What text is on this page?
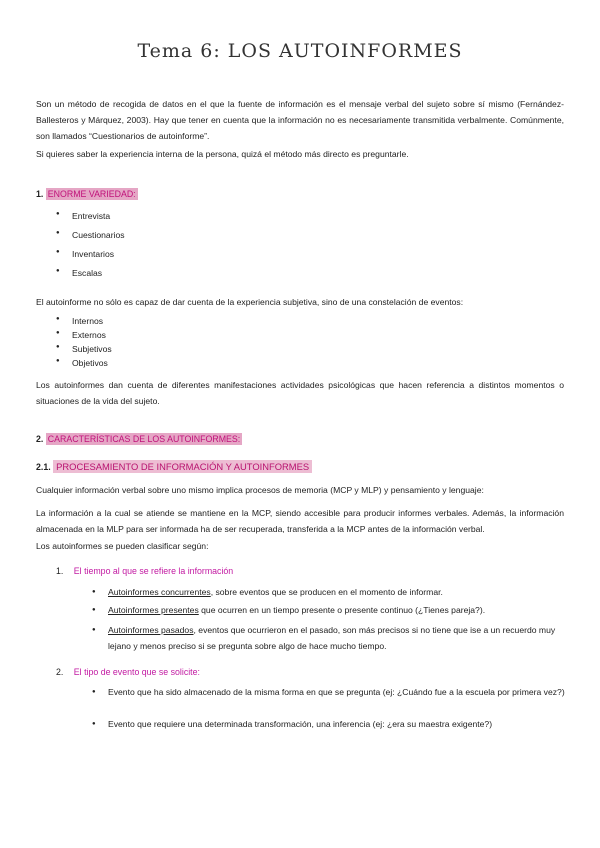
Tema 6: LOS AUTOINFORMES
Son un método de recogida de datos en el que la fuente de información es el mensaje verbal del sujeto sobre sí mismo (Fernández-Ballesteros y Márquez, 2003). Hay que tener en cuenta que la información no es necesariamente transmitida verbalmente. Comúnmente, son llamados “Cuestionarios de autoinforme”.
Si quieres saber la experiencia interna de la persona, quizá el método más directo es preguntarle.
1. ENORME VARIEDAD:
● Entrevista
● Cuestionarios
● Inventarios
● Escalas
El autoinforme no sólo es capaz de dar cuenta de la experiencia subjetiva, sino de una constelación de eventos:
● Internos
● Externos
● Subjetivos
● Objetivos
Los autoinformes dan cuenta de diferentes manifestaciones actividades psicológicas que hacen referencia a distintos momentos o situaciones de la vida del sujeto.
2. CARACTERÍSTICAS DE LOS AUTOINFORMES:
2.1. PROCESAMIENTO DE INFORMACIÓN Y AUTOINFORMES
Cualquier información verbal sobre uno mismo implica procesos de memoria (MCP y MLP) y pensamiento y lenguaje:
La información a la cual se atiende se mantiene en la MCP, siendo accesible para producir informes verbales. Además, la información almacenada en la MLP para ser informada ha de ser recuperada, transferida a la MCP antes de la información verbal.
Los autoinformes se pueden clasificar según:
1. El tiempo al que se refiere la información
●	Autoinformes concurrentes, sobre eventos que se producen en el momento de informar.
●	Autoinformes presentes que ocurren en un tiempo presente o presente continuo (¿Tienes pareja?).
●	Autoinformes pasados, eventos que ocurrieron en el pasado, son más precisos si no tiene que ise a un recuerdo muy lejano y menos preciso si se pregunta sobre algo de hace mucho tiempo.
2. El tipo de evento que se solicite:
●	Evento que ha sido almacenado de la misma forma en que se pregunta (ej: ¿Cuándo fue a la escuela por primera vez?)
●	Evento que requiere una determinada transformación, una inferencia (ej: ¿era su maestra exigente?)
